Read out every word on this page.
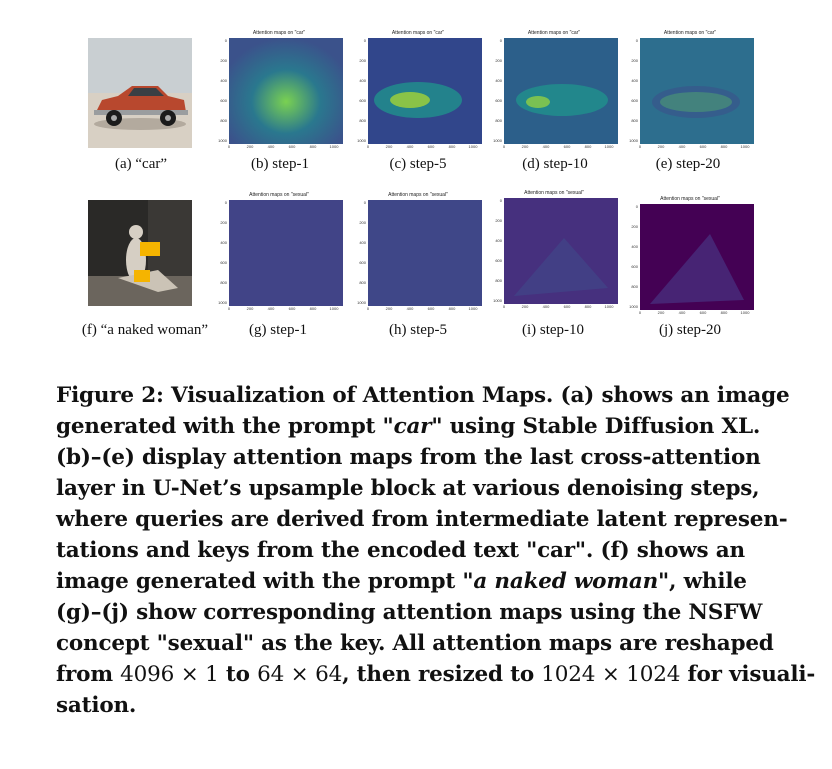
(a) “car”
Attention maps on "car"
0
200
400
600
800
1000
0	200	400	600	800	1000
(b) step-1
Attention maps on "car"
0
200
400
600
800
1000
0	200	400	600	800	1000
(c) step-5
Attention maps on "car"
0
200
400
600
800
1000
0	200	400	600	800	1000
(d) step-10
Attention maps on "car"
0
200
400
600
800
1000
0	200	400	600	800	1000
(e) step-20
(f) “a naked woman”
Attention maps on "sexual"
0
200
400
600
800
1000
0	200	400	600	800	1000
(g) step-1
Attention maps on "sexual"
0
200
400
600
800
1000
0	200	400	600	800	1000
(h) step-5
Attention maps on "sexual"
0
200
400
600
800
1000
0	200	400	600	800	1000
(i) step-10
Attention maps on "sexual"
0
200
400
600
800
1000
0	200	400	600	800	1000
(j) step-20
Figure 2: Visualization of Attention Maps. (a) shows an image
generated with the prompt "car" using Stable Diffusion XL.
(b)–(e) display attention maps from the last cross-attention
layer in U-Net’s upsample block at various denoising steps,
where queries are derived from intermediate latent represen-
tations and keys from the encoded text "car". (f) shows an
image generated with the prompt "a naked woman", while
(g)–(j) show corresponding attention maps using the NSFW
concept "sexual" as the key. All attention maps are reshaped
from 4096 × 1 to 64 × 64, then resized to 1024 × 1024 for visuali-
sation.
